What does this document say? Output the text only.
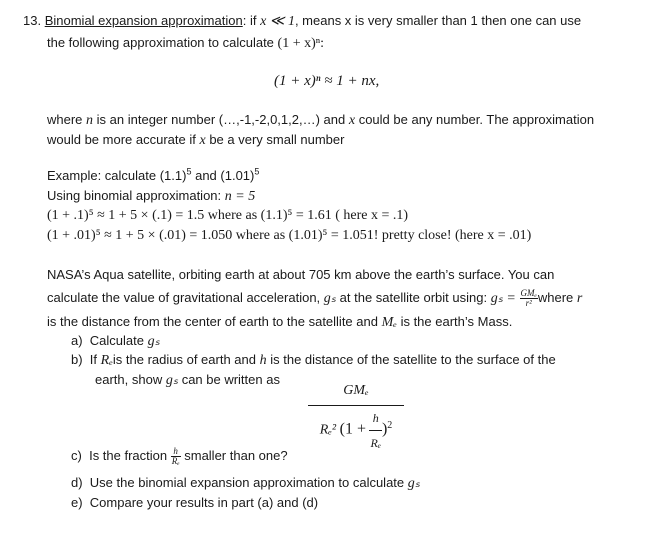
13. Binomial expansion approximation: if x ≪ 1, means x is very smaller than 1 then one can use
the following approximation to calculate (1 + x)ⁿ:
(1 + x)ⁿ ≈ 1 + nx,
where n is an integer number (…,-1,-2,0,1,2,…) and x could be any number. The approximation
would be more accurate if x be a very small number
Example: calculate $(1.1)^5$ and $(1.01)^5$
Using binomial approximation: n = 5
(1 + .1)⁵ ≈ 1 + 5 × (.1) = 1.5 where as (1.1)⁵ = 1.61 ( here x = .1)
(1 + .01)⁵ ≈ 1 + 5 × (.01) = 1.050 where as (1.01)⁵ = 1.051! pretty close! (here x = .01)
NASA’s Aqua satellite, orbiting earth at about 705 km above the earth’s surface. You can
calculate the value of gravitational acceleration, gₛ at the satellite orbit using: $g_s = \frac{\text{GMₑ}}{\text{r²}}$ where r
is the distance from the center of earth to the satellite and Mₑ is the earth’s Mass.
a) Calculate gₛ
b) If Rₑis the radius of earth and h is the distance of the satellite to the surface of the
earth, show gₛ can be written as
GMₑ
Rₑ² $(1 + \frac{h}{\text{Rₑ}} )^2$
c) Is the fraction $\frac{h}{\text{Rₑ}}$ smaller than one?
d) Use the binomial expansion approximation to calculate gₛ
e) Compare your results in part (a) and (d)
